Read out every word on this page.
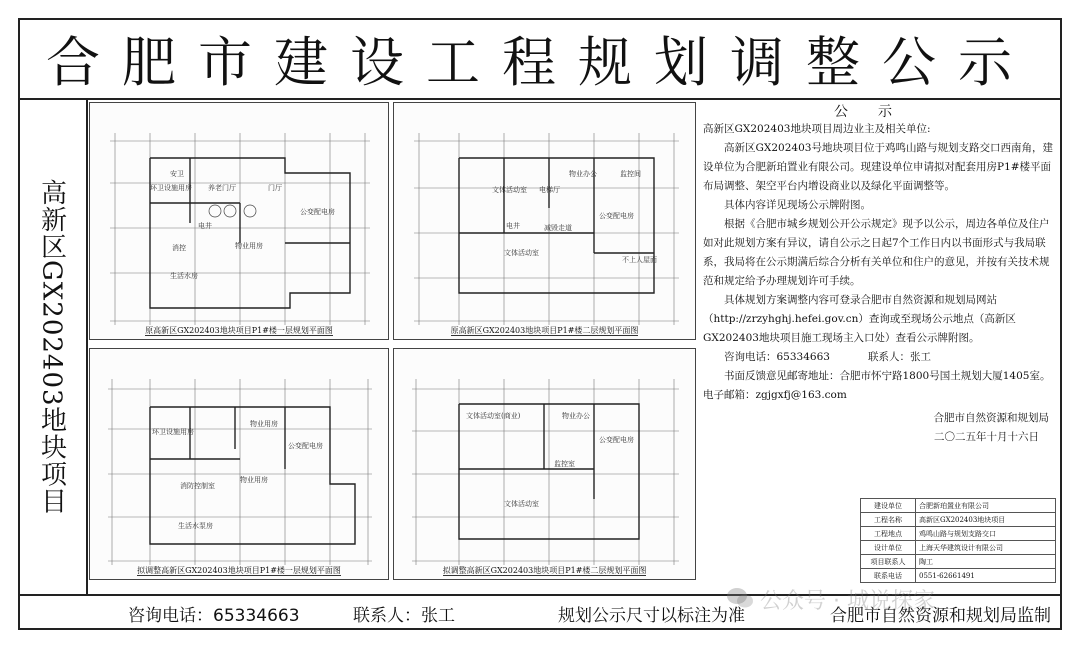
合肥市建设工程规划调整公示
高新区GX202403地块项目
安卫
环卫设施用房 养老门厅	门厅
公变配电房
电井
物业用房
消控
生活水房
原高新区GX202403地块项目P1#楼一层规划平面图
物业办公
文体活动室 电梯厅
监控间
公变配电房
电井	减毁走道
文体活动室
不上人屋面
原高新区GX202403地块项目P1#楼二层规划平面图
物业用房
公变配电房
环卫设施用房
消防控制室
生活水泵房
物业用房
拟调整高新区GX202403地块项目P1#楼一层规划平面图
文体活动室(商业)	物业办公
公变配电房
文体活动室
监控室
拟调整高新区GX202403地块项目P1#楼二层规划平面图

公示

高新区GX202403地块项目周边业主及相关单位:

高新区GX202403号地块项目位于鸡鸣山路与规划支路交口西南角，建设单位为合肥新珀置业有限公司。现建设单位申请拟对配套用房P1#楼平面布局调整、架空平台内增设商业以及绿化平面调整等。

具体内容详见现场公示牌附图。

根据《合肥市城乡规划公开公示规定》现予以公示，周边各单位及住户如对此规划方案有异议，请自公示之日起7个工作日内以书面形式与我局联系，我局将在公示期满后综合分析有关单位和住户的意见，并按有关技术规范和规定给予办理规划许可手续。

具体规划方案调整内容可登录合肥市自然资源和规划局网站（http://zrzyhghj.hefei.gov.cn）查询或至现场公示地点（高新区GX202403地块项目施工现场主入口处）查看公示牌附图。

咨询电话：65334663	联系人：张工

书面反馈意见邮寄地址：合肥市怀宁路1800号国土规划大厦1405室。

电子邮箱：zgjgxfj@163.com

合肥市自然资源和规划局

二〇二五年十月十六日

建设单位	合肥新珀置业有限公司
工程名称	高新区GX202403地块项目
工程地点	鸡鸣山路与规划支路交口
设计单位	上海天华建筑设计有限公司
项目联系人	陶工
联系电话	0551-62661491
咨询电话：65334663	联系人：张工	规划公示尺寸以标注为准	合肥市自然资源和规划局监制
公众号 · 城说探家
